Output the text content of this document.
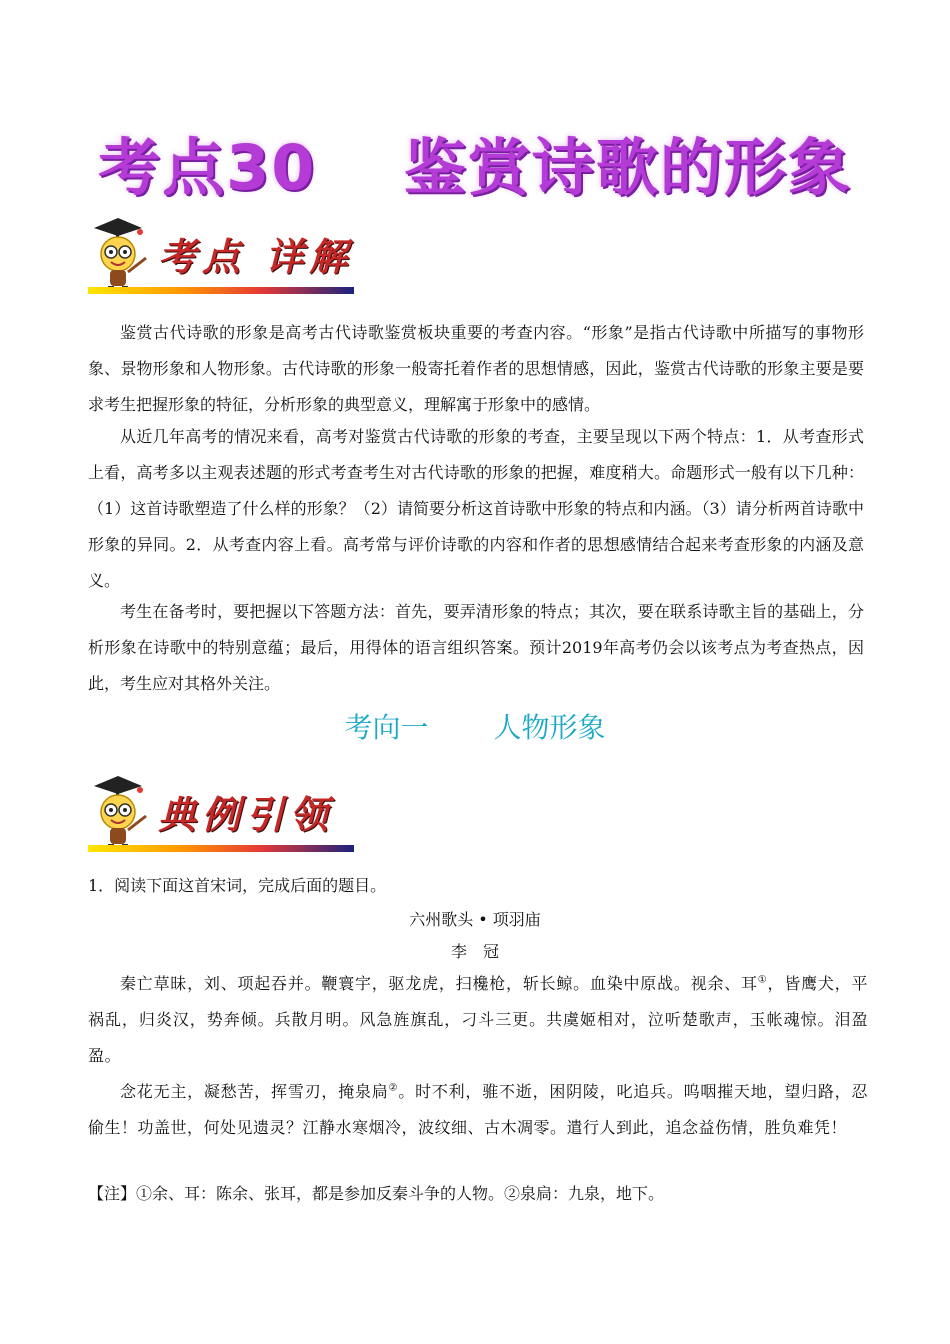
考点30　 鉴赏诗歌的形象
考点 详解
鉴赏古代诗歌的形象是高考古代诗歌鉴赏板块重要的考查内容。“形象”是指古代诗歌中所描写的事物形象、景物形象和人物形象。古代诗歌的形象一般寄托着作者的思想情感，因此，鉴赏古代诗歌的形象主要是要求考生把握形象的特征，分析形象的典型意义，理解寓于形象中的感情。
从近几年高考的情况来看，高考对鉴赏古代诗歌的形象的考查，主要呈现以下两个特点：1．从考查形式上看，高考多以主观表述题的形式考查考生对古代诗歌的形象的把握，难度稍大。命题形式一般有以下几种：（1）这首诗歌塑造了什么样的形象？（2）请简要分析这首诗歌中形象的特点和内涵。（3）请分析两首诗歌中形象的异同。2．从考查内容上看。高考常与评价诗歌的内容和作者的思想感情结合起来考查形象的内涵及意义。
考生在备考时，要把握以下答题方法：首先，要弄清形象的特点；其次，要在联系诗歌主旨的基础上，分析形象在诗歌中的特别意蕴；最后，用得体的语言组织答案。预计2019年高考仍会以该考点为考查热点，因此，考生应对其格外关注。
考向一 人物形象
典例引领
1．阅读下面这首宋词，完成后面的题目。
六州歌头 • 项羽庙
李　冠
秦亡草昧，刘、项起吞并。鞭寰宇，驱龙虎，扫欃枪，斩长鲸。血染中原战。视余、耳①，皆鹰犬，平祸乱，归炎汉，势奔倾。兵散月明。风急旌旗乱，刁斗三更。共虞姬相对，泣听楚歌声，玉帐魂惊。泪盈盈。
念花无主，凝愁苦，挥雪刃，掩泉扃②。时不利，骓不逝，困阴陵，叱追兵。呜咽摧天地，望归路，忍偷生！功盖世，何处见遗灵？江静水寒烟冷，波纹细、古木凋零。遣行人到此，追念益伤情，胜负难凭！
【注】①余、耳：陈余、张耳，都是参加反秦斗争的人物。②泉扃：九泉，地下。
